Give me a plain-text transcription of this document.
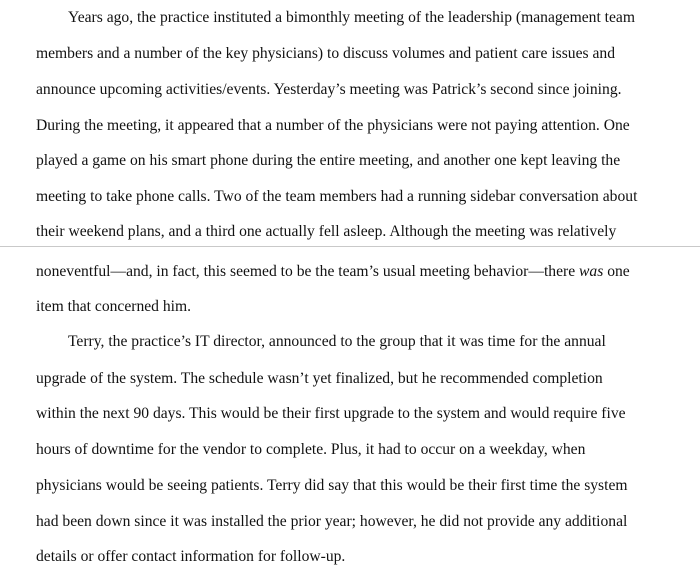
Years ago, the practice instituted a bimonthly meeting of the leadership (management team
members and a number of the key physicians) to discuss volumes and patient care issues and
announce upcoming activities/events. Yesterday’s meeting was Patrick’s second since joining.
During the meeting, it appeared that a number of the physicians were not paying attention. One
played a game on his smart phone during the entire meeting, and another one kept leaving the
meeting to take phone calls. Two of the team members had a running sidebar conversation about
their weekend plans, and a third one actually fell asleep. Although the meeting was relatively
noneventful—and, in fact, this seemed to be the team’s usual meeting behavior—there was one
item that concerned him.
Terry, the practice’s IT director, announced to the group that it was time for the annual
upgrade of the system. The schedule wasn’t yet finalized, but he recommended completion
within the next 90 days. This would be their first upgrade to the system and would require five
hours of downtime for the vendor to complete. Plus, it had to occur on a weekday, when
physicians would be seeing patients. Terry did say that this would be their first time the system
had been down since it was installed the prior year; however, he did not provide any additional
details or offer contact information for follow-up.
